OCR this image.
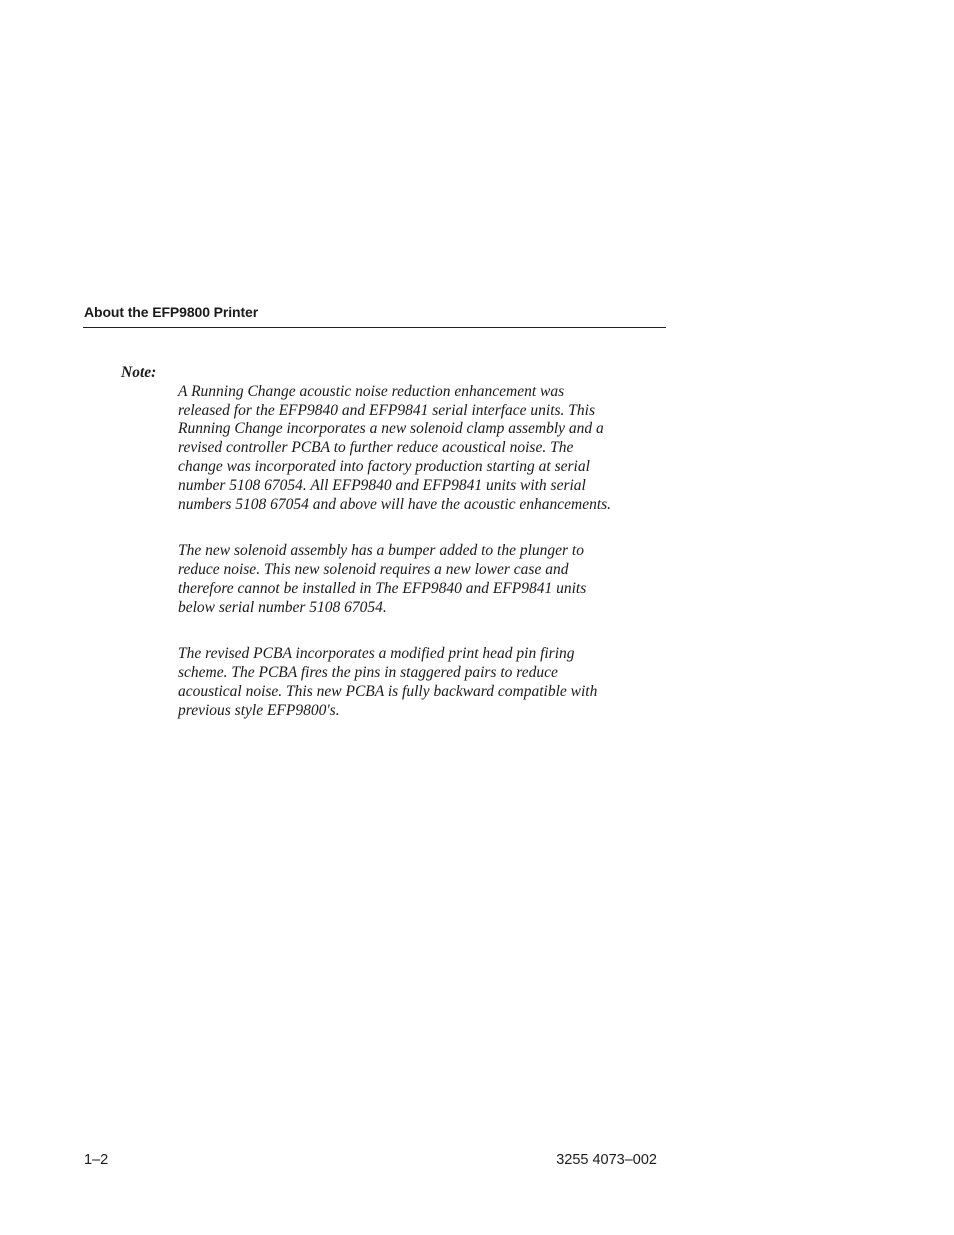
About the EFP9800 Printer
Note:

A Running Change acoustic noise reduction enhancement was
released for the EFP9840 and EFP9841 serial interface units. This
Running Change incorporates a new solenoid clamp assembly and a
revised controller PCBA to further reduce acoustical noise. The
change was incorporated into factory production starting at serial
number 5108 67054. All EFP9840 and EFP9841 units with serial
numbers 5108 67054 and above will have the acoustic enhancements.

The new solenoid assembly has a bumper added to the plunger to
reduce noise. This new solenoid requires a new lower case and
therefore cannot be installed in The EFP9840 and EFP9841 units
below serial number 5108 67054.

The revised PCBA incorporates a modified print head pin firing
scheme. The PCBA fires the pins in staggered pairs to reduce
acoustical noise. This new PCBA is fully backward compatible with
previous style EFP9800's.

1–2	3255 4073–002
